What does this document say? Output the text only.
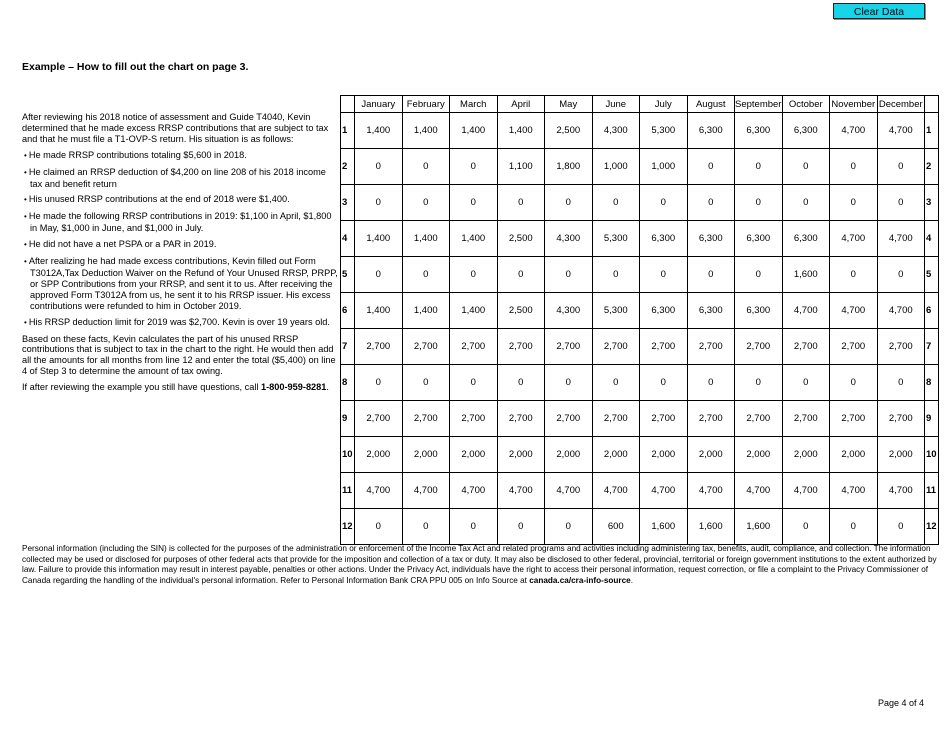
Clear Data
Example – How to fill out the chart on page 3.

After reviewing his 2018 notice of assessment and Guide T4040, Kevin determined that he made excess RRSP contributions that are subject to tax and that he must file a T1-OVP-S return. His situation is as follows:

• He made RRSP contributions totaling $5,600 in 2018.
• He claimed an RRSP deduction of $4,200 on line 208 of his 2018 income tax and benefit return
• His unused RRSP contributions at the end of 2018 were $1,400.
• He made the following RRSP contributions in 2019: $1,100 in April, $1,800 in May, $1,000 in June, and $1,000 in July.
• He did not have a net PSPA or a PAR in 2019.
• After realizing he had made excess contributions, Kevin filled out Form T3012A,Tax Deduction Waiver on the Refund of Your Unused RRSP, PRPP, or SPP Contributions from your RRSP, and sent it to us. After receiving the approved Form T3012A from us, he sent it to his RRSP issuer. His excess contributions were refunded to him in October 2019.
• His RRSP deduction limit for 2019 was $2,700. Kevin is over 19 years old.

Based on these facts, Kevin calculates the part of his unused RRSP contributions that is subject to tax in the chart to the right. He would then add all the amounts for all months from line 12 and enter the total ($5,400) on line 4 of Step 3 to determine the amount of tax owing.

If after reviewing the example you still have questions, call 1-800-959-8281.

	January	February	March	April	May	June	July	August	September	October	November	December	
1	1,400	1,400	1,400	1,400	2,500	4,300	5,300	6,300	6,300	6,300	4,700	4,700	1
2	0	0	0	1,100	1,800	1,000	1,000	0	0	0	0	0	2
3	0	0	0	0	0	0	0	0	0	0	0	0	3
4	1,400	1,400	1,400	2,500	4,300	5,300	6,300	6,300	6,300	6,300	4,700	4,700	4
5	0	0	0	0	0	0	0	0	0	1,600	0	0	5
6	1,400	1,400	1,400	2,500	4,300	5,300	6,300	6,300	6,300	4,700	4,700	4,700	6
7	2,700	2,700	2,700	2,700	2,700	2,700	2,700	2,700	2,700	2,700	2,700	2,700	7
8	0	0	0	0	0	0	0	0	0	0	0	0	8
9	2,700	2,700	2,700	2,700	2,700	2,700	2,700	2,700	2,700	2,700	2,700	2,700	9
10	2,000	2,000	2,000	2,000	2,000	2,000	2,000	2,000	2,000	2,000	2,000	2,000	10
11	4,700	4,700	4,700	4,700	4,700	4,700	4,700	4,700	4,700	4,700	4,700	4,700	11
12	0	0	0	0	0	600	1,600	1,600	1,600	0	0	0	12
Personal information (including the SIN) is collected for the purposes of the administration or enforcement of the Income Tax Act and related programs and activities including administering tax, benefits, audit, compliance, and collection. The information collected may be used or disclosed for purposes of other federal acts that provide for the imposition and collection of a tax or duty. It may also be disclosed to other federal, provincial, territorial or foreign government institutions to the extent authorized by law. Failure to provide this information may result in interest payable, penalties or other actions. Under the Privacy Act, individuals have the right to access their personal information, request correction, or file a complaint to the Privacy Commissioner of Canada regarding the handling of the individual's personal information. Refer to Personal Information Bank CRA PPU 005 on Info Source at canada.ca/cra-info-source.
Page 4 of 4
